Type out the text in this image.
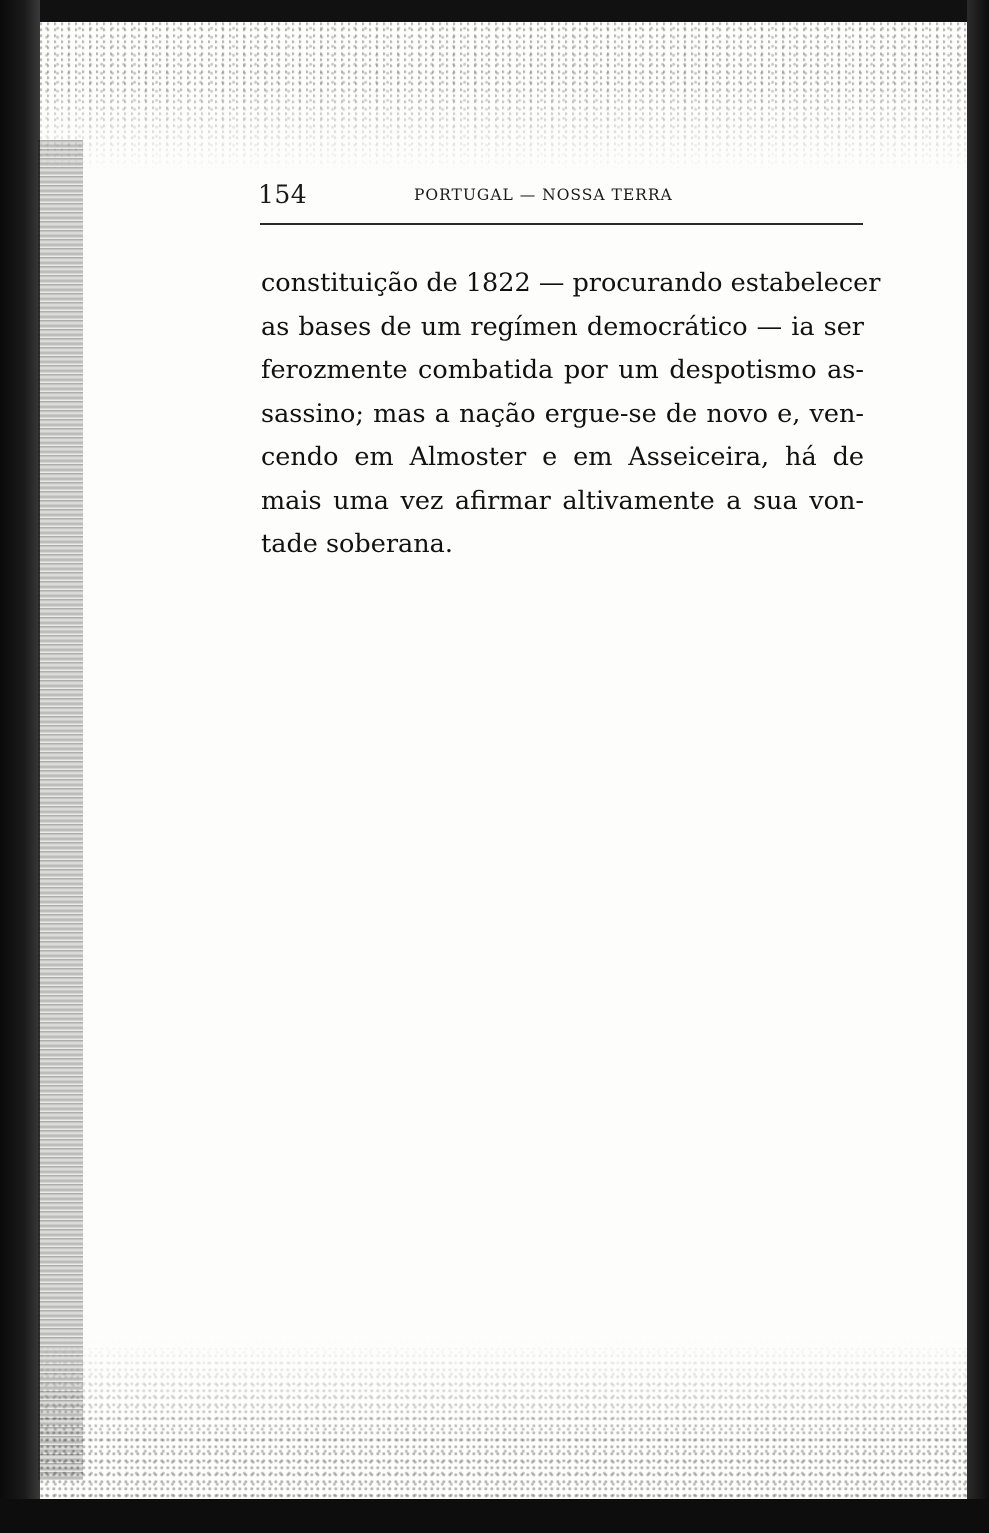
154	PORTUGAL — NOSSA TERRA
constituição de 1822 — procurando estabelecer
as bases de um regímen democrático — ia ser
ferozmente combatida por um despotismo as-
sassino; mas a nação ergue-se de novo e, ven-
cendo em Almoster e em Asseiceira, há de
mais uma vez afirmar altivamente a sua von-
tade soberana.
